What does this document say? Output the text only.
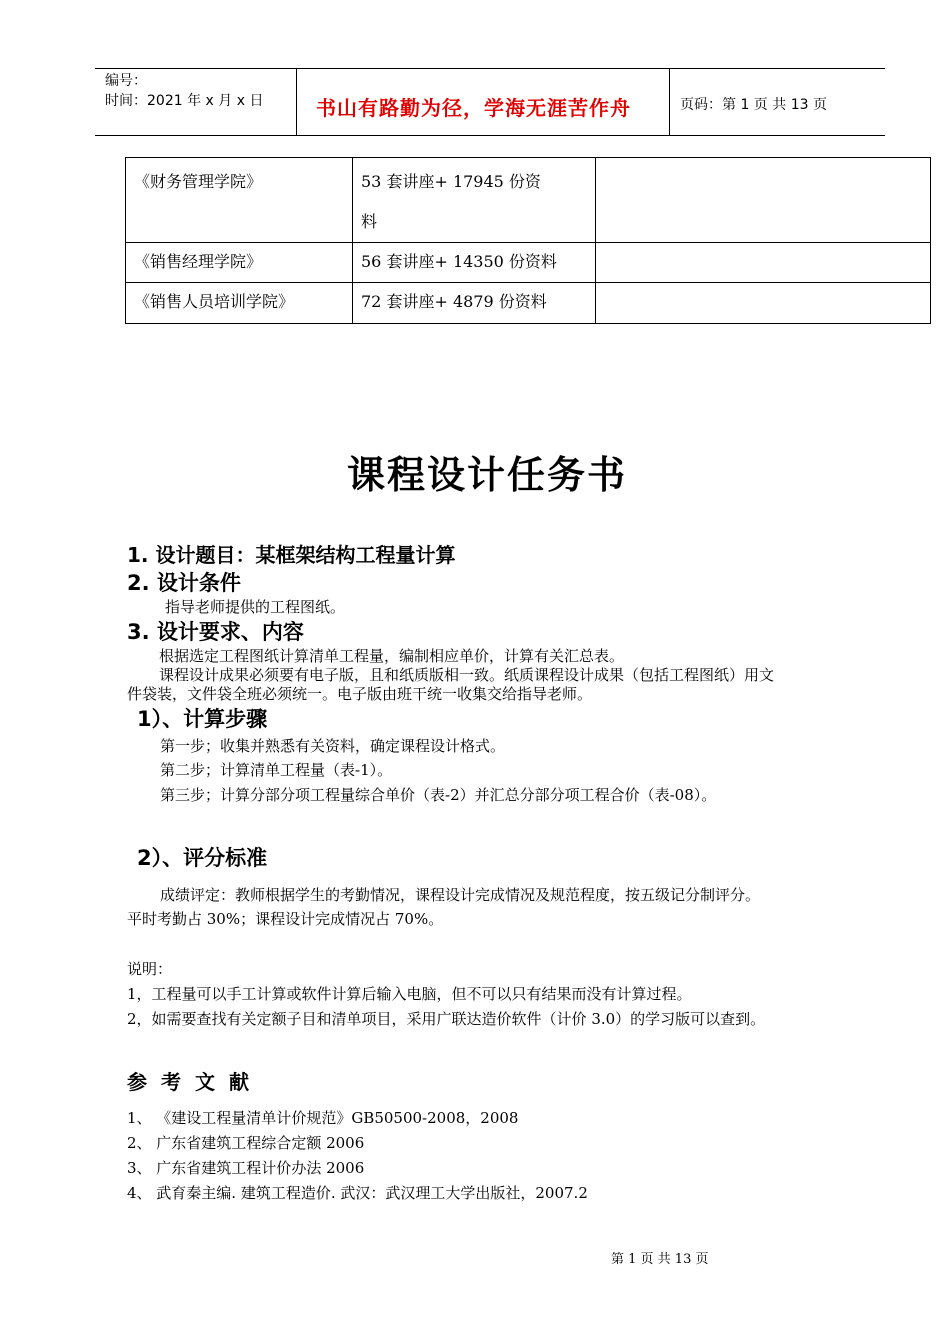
编号：
时间：2021 年 x 月 x 日	书山有路勤为径，学海无涯苦作舟	页码：第 1 页 共 13 页
《财务管理学院》	53 套讲座+ 17945 份资
料	

《销售经理学院》	56 套讲座+ 14350 份资料	
《销售人员培训学院》	72 套讲座+ 4879 份资料	
课程设计任务书
1. 设计题目：某框架结构工程量计算
2. 设计条件
指导老师提供的工程图纸。
3. 设计要求、内容
根据选定工程图纸计算清单工程量，编制相应单价，计算有关汇总表。
课程设计成果必须要有电子版，且和纸质版相一致。纸质课程设计成果（包括工程图纸）用文
件袋装，文件袋全班必须统一。电子版由班干统一收集交给指导老师。
1）、计算步骤
第一步；收集并熟悉有关资料，确定课程设计格式。
第二步；计算清单工程量（表-1）。
第三步；计算分部分项工程量综合单价（表-2）并汇总分部分项工程合价（表-08）。
2）、评分标准
成绩评定：教师根据学生的考勤情况，课程设计完成情况及规范程度，按五级记分制评分。
平时考勤占 30%；课程设计完成情况占 70%。
说明：
1，工程量可以手工计算或软件计算后输入电脑，但不可以只有结果而没有计算过程。
2，如需要查找有关定额子目和清单项目，采用广联达造价软件（计价 3.0）的学习版可以查到。
参考文献
1、 《建设工程量清单计价规范》GB50500-2008，2008
2、 广东省建筑工程综合定额 2006
3、 广东省建筑工程计价办法 2006
4、 武育秦主编. 建筑工程造价. 武汉：武汉理工大学出版社，2007.2
第 1 页 共 13 页
